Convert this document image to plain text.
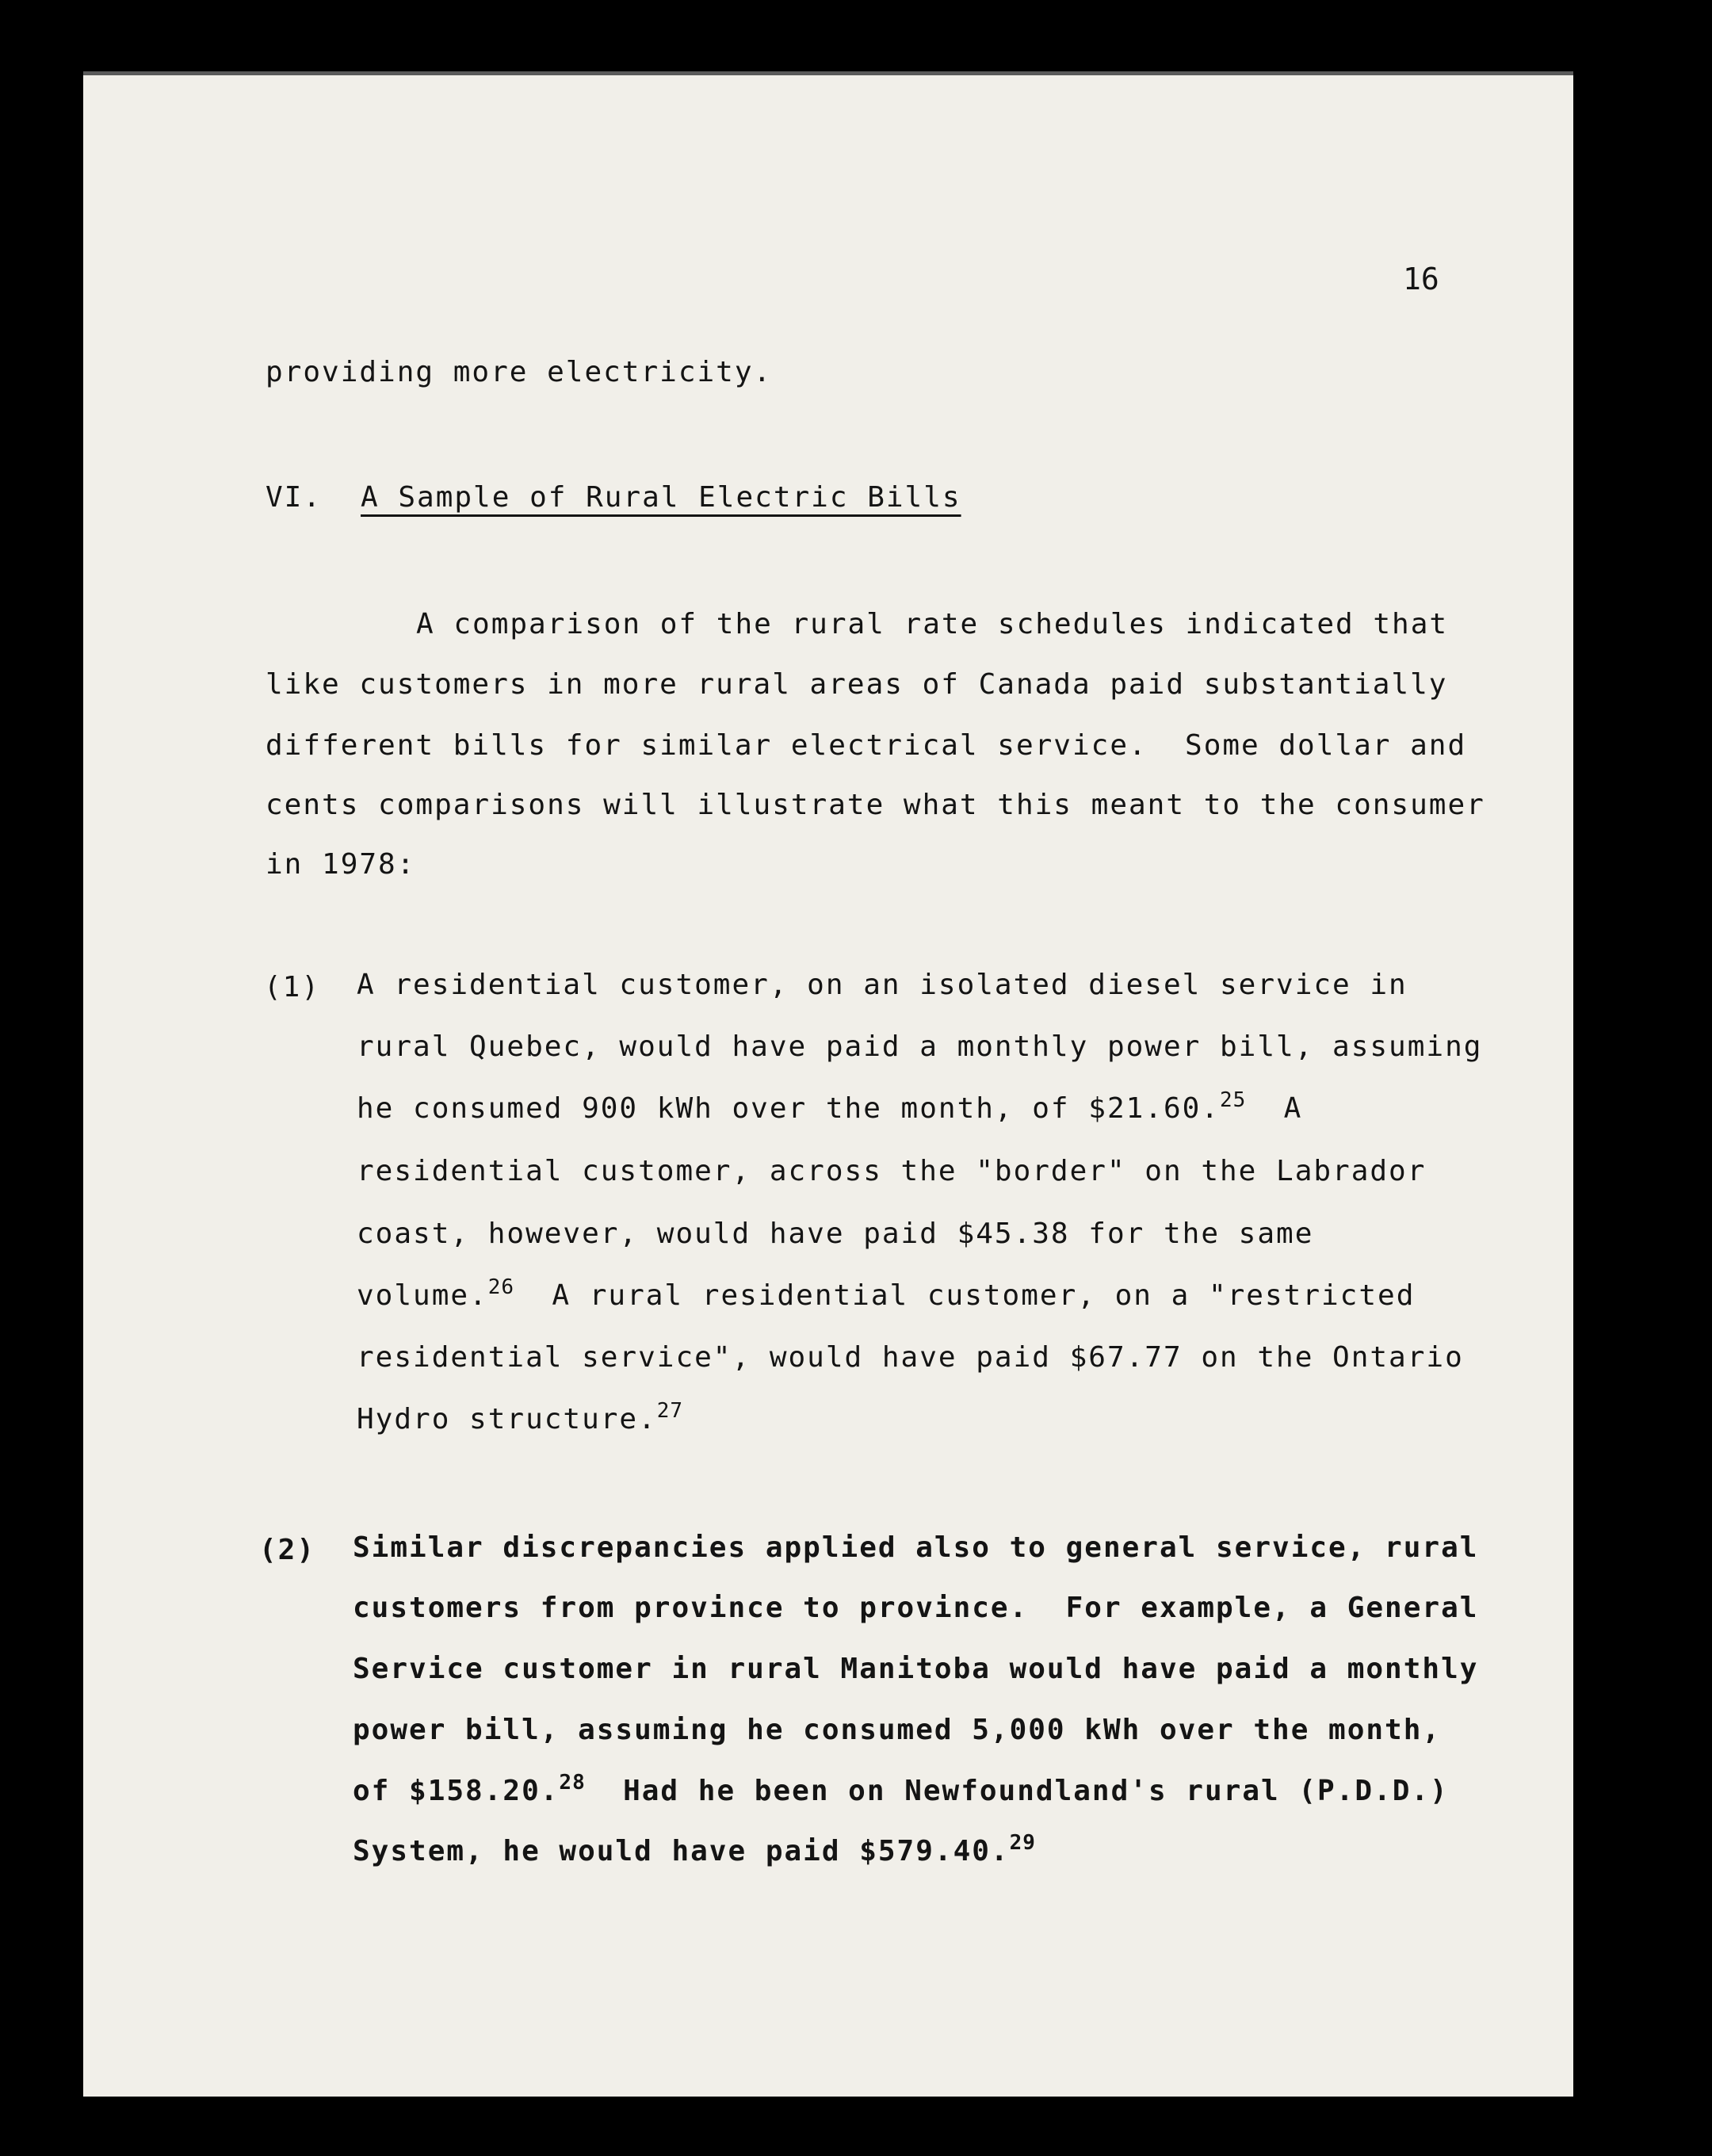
16
providing more electricity.
VI. A Sample of Rural Electric Bills
A comparison of the rural rate schedules indicated that
like customers in more rural areas of Canada paid substantially
different bills for similar electrical service.  Some dollar and
cents comparisons will illustrate what this meant to the consumer
in 1978:
(1) A residential customer, on an isolated diesel service in
rural Quebec, would have paid a monthly power bill, assuming
he consumed 900 kWh over the month, of $21.60.25  A
residential customer, across the "border" on the Labrador
coast, however, would have paid $45.38 for the same
volume.$^{26}$  A rural residential customer, on a "restricted
residential service", would have paid $67.77 on the Ontario
Hydro structure.$^{27}$
(2) Similar discrepancies applied also to general service, rural
customers from province to province.  For example, a General
Service customer in rural Manitoba would have paid a monthly
power bill, assuming he consumed 5,000 kWh over the month,
of $158.20.28  Had he been on Newfoundland's rural (P.D.D.)
System, he would have paid $579.40.29
